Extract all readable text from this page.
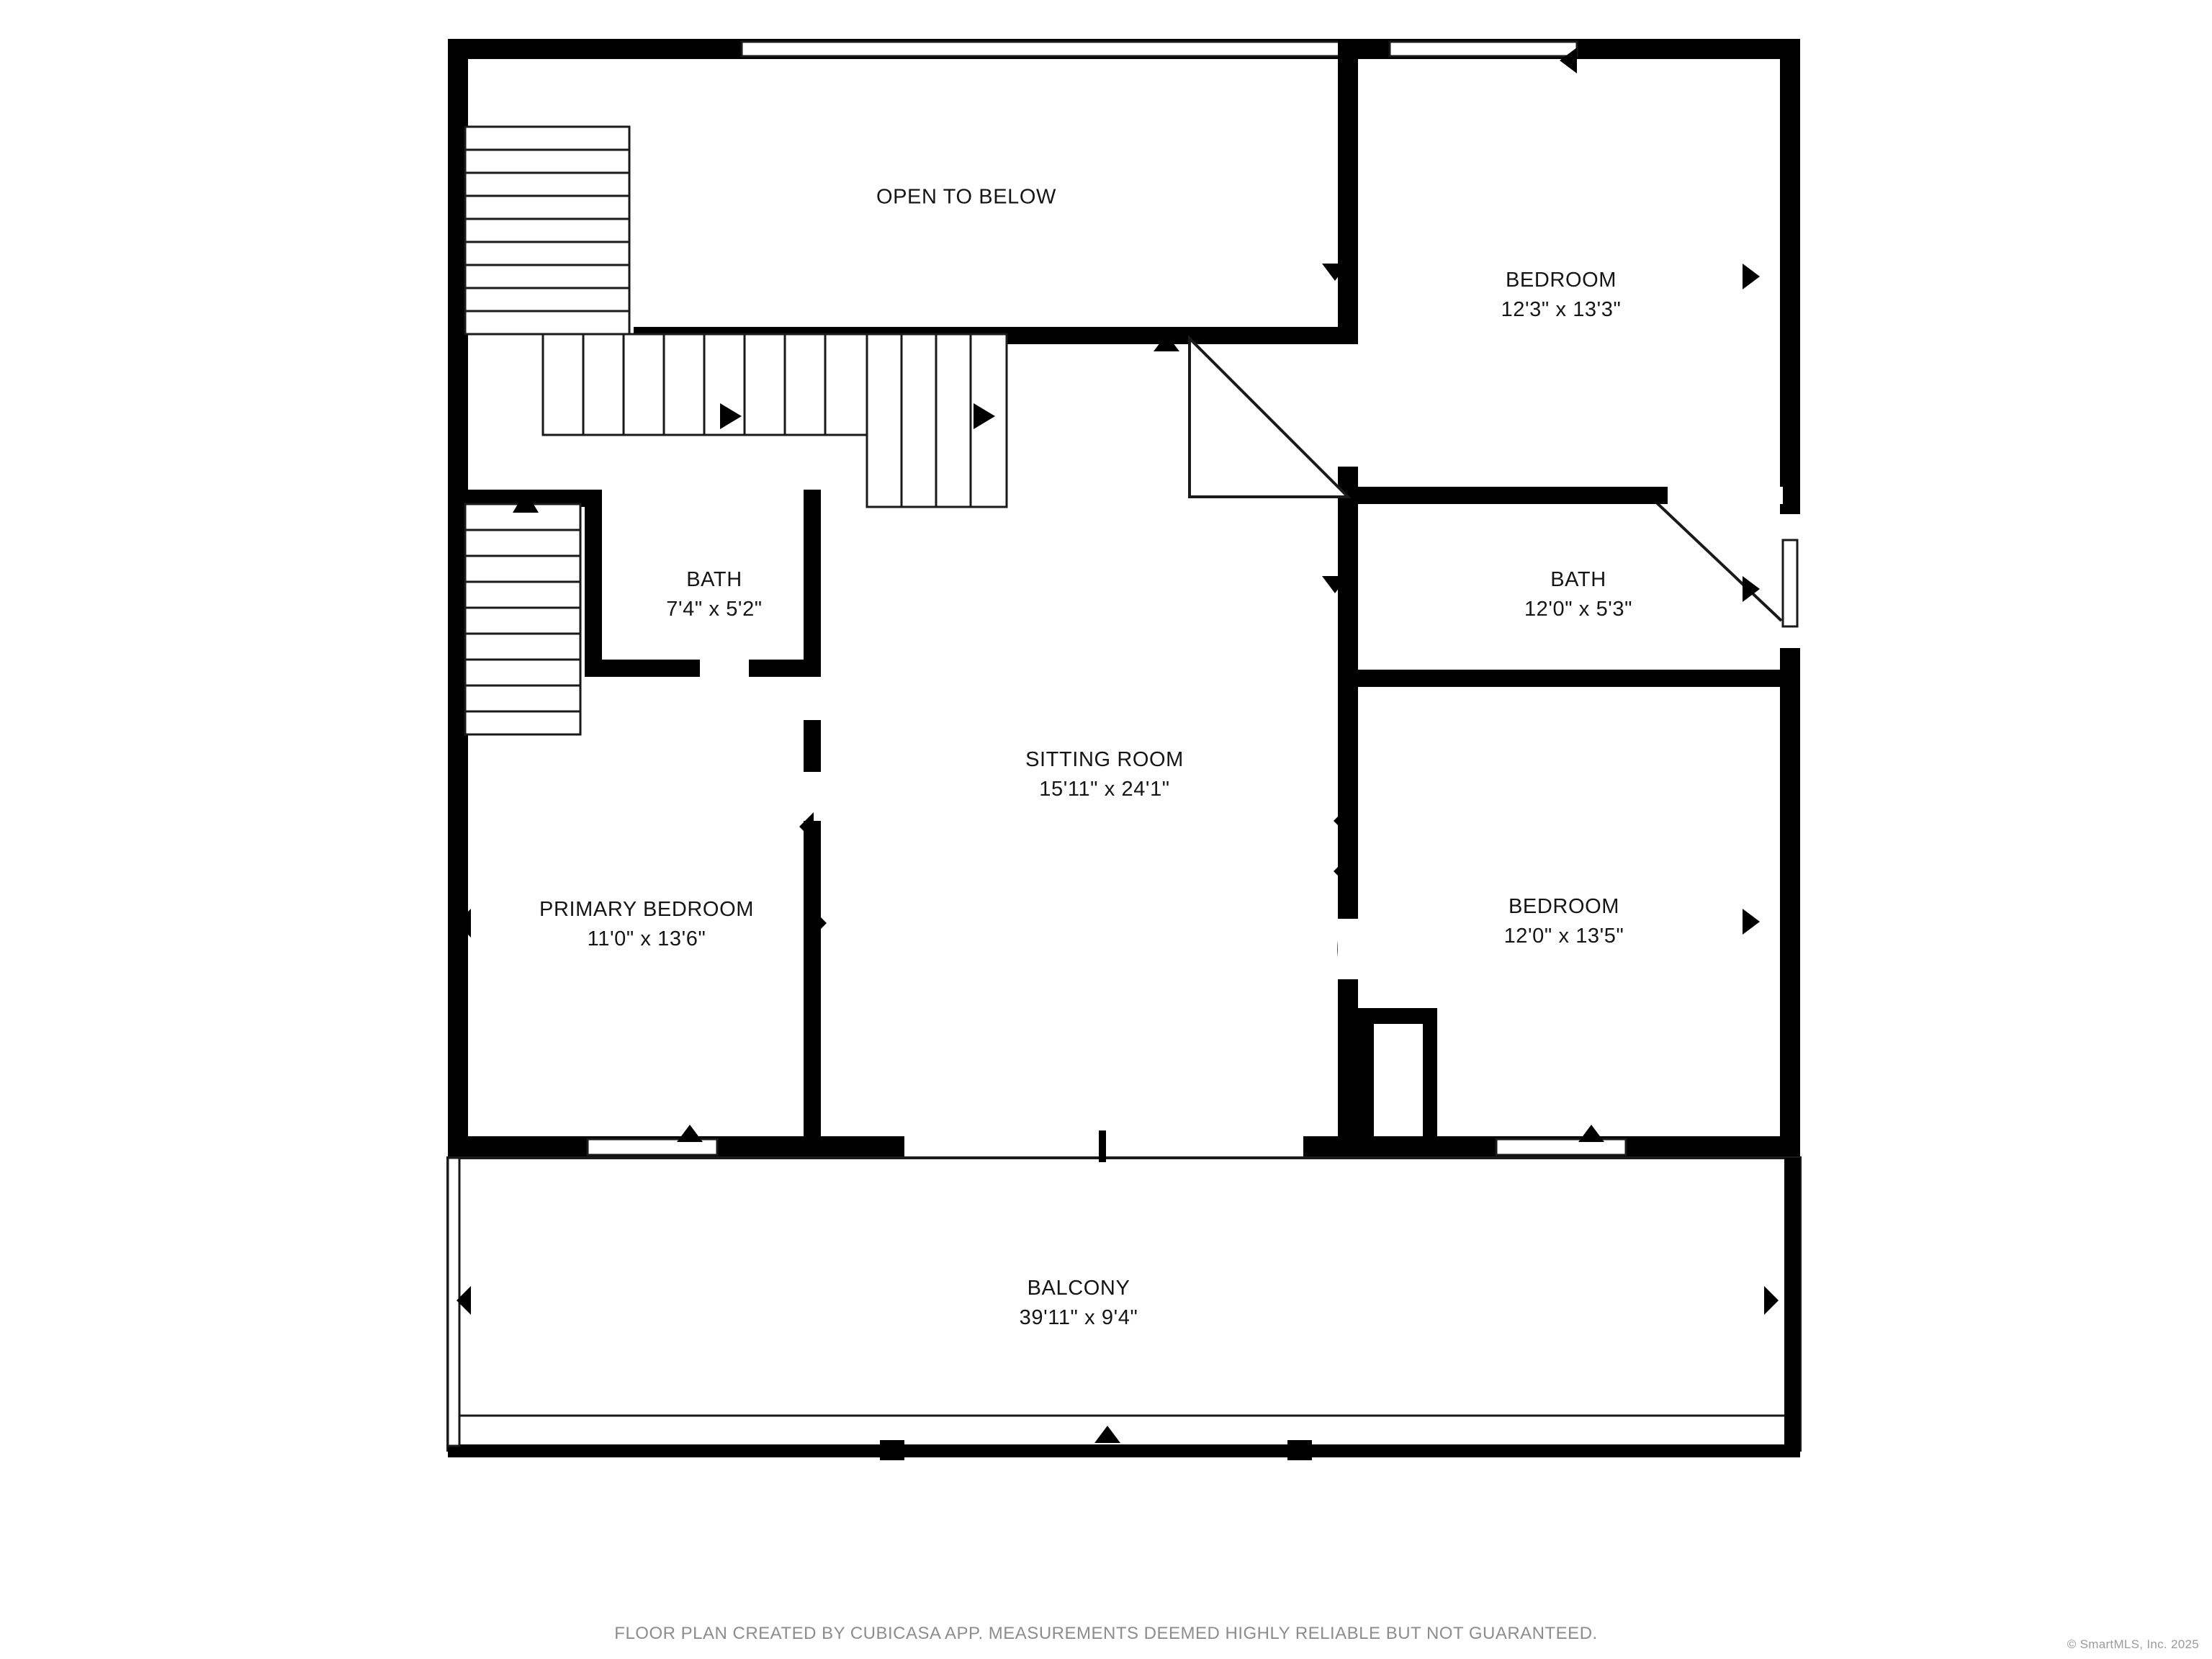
OPEN TO BELOW
BEDROOM
12'3" x 13'3"
BATH
7'4" x 5'2"
BATH
12'0" x 5'3"
SITTING ROOM
15'11" x 24'1"
PRIMARY BEDROOM
11'0" x 13'6"
BEDROOM
12'0" x 13'5"
BALCONY
39'11" x 9'4"
FLOOR PLAN CREATED BY CUBICASA APP. MEASUREMENTS DEEMED HIGHLY RELIABLE BUT NOT GUARANTEED.
© SmartMLS, Inc. 2025
